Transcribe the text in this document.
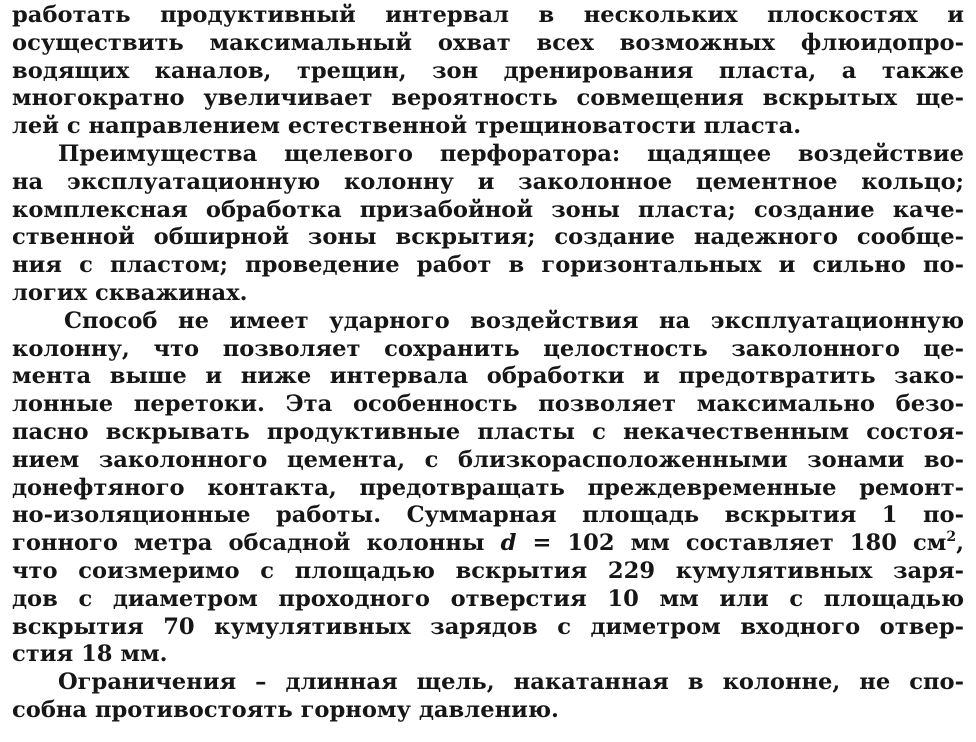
работать продуктивный интервал в нескольких плоскостях и
осуществить максимальный охват всех возможных флюидопро-
водящих каналов, трещин, зон дренирования пласта, а также
многократно увеличивает вероятность совмещения вскрытых ще-
лей с направлением естественной трещиноватости пласта.
Преимущества щелевого перфоратора: щадящее воздействие
на эксплуатационную колонну и заколонное цементное кольцо;
комплексная обработка призабойной зоны пласта; создание каче-
ственной обширной зоны вскрытия; создание надежного сообще-
ния с пластом; проведение работ в горизонтальных и сильно по-
логих скважинах.
Способ не имеет ударного воздействия на эксплуатационную
колонну, что позволяет сохранить целостность заколонного це-
мента выше и ниже интервала обработки и предотвратить зако-
лонные перетоки. Эта особенность позволяет максимально безо-
пасно вскрывать продуктивные пласты с некачественным состоя-
нием заколонного цемента, с близкорасположенными зонами во-
донефтяного контакта, предотвращать преждевременные ремонт-
но-изоляционные работы. Суммарная площадь вскрытия 1 по-
гонного метра обсадной колонны d = 102 мм составляет 180 $см^2$,
что соизмеримо с площадью вскрытия 229 кумулятивных заря-
дов с диаметром проходного отверстия 10 мм или с площадью
вскрытия 70 кумулятивных зарядов с диметром входного отвер-
стия 18 мм.
Ограничения – длинная щель, накатанная в колонне, не спо-
собна противостоять горному давлению.
